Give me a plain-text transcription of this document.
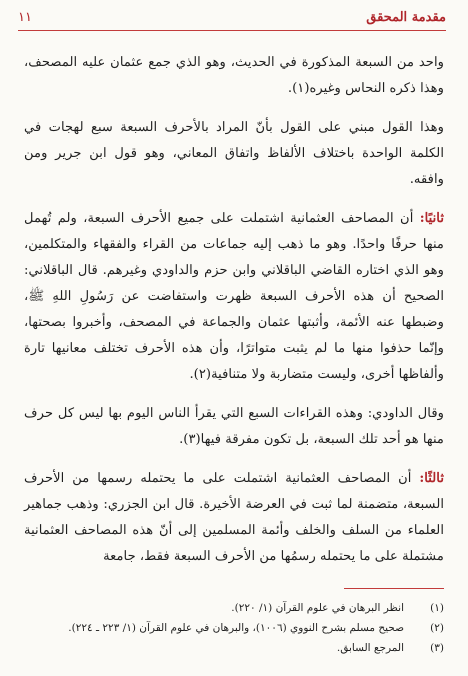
مقدمة المحقق
١١

واحد من السبعة المذكورة في الحديث، وهو الذي جمع عثمان عليه المصحف، وهذا ذكره النحاس وغيره(١).

وهذا القول مبني على القول بأنّ المراد بالأحرف السبعة سبع لهجات في الكلمة الواحدة باختلاف الألفاظ واتفاق المعاني، وهو قول ابن جرير ومن وافقه.

ثانيًا: أن المصاحف العثمانية اشتملت على جميع الأحرف السبعة، ولم تُهمل منها حرفًا واحدًا. وهو ما ذهب إليه جماعات من القراء والفقهاء والمتكلمين، وهو الذي اختاره القاضي الباقلاني وابن حزم والداودي وغيرهم. قال الباقلاني: الصحيح أن هذه الأحرف السبعة ظهرت واستفاضت عن رَسُولِ اللهِ ﷺ، وضبطها عنه الأئمة، وأثبتها عثمان والجماعة في المصحف، وأخبروا بصحتها، وإنّما حذفوا منها ما لم يثبت متواترًا، وأن هذه الأحرف تختلف معانيها تارة وألفاظها أخرى، وليست متضاربة ولا متنافية(٢).

وقال الداودي: وهذه القراءات السبع التي يقرأ الناس اليوم بها ليس كل حرف منها هو أحد تلك السبعة، بل تكون مفرقة فيها(٣).

ثالثًا: أن المصاحف العثمانية اشتملت على ما يحتمله رسمها من الأحرف السبعة، متضمنة لما ثبت في العرضة الأخيرة. قال ابن الجزري: وذهب جماهير العلماء من السلف والخلف وأئمة المسلمين إلى أنّ هذه المصاحف العثمانية مشتملة على ما يحتمله رسمُها من الأحرف السبعة فقط، جامعة

(١)
انظر البرهان في علوم القرآن (١/ ٢٢٠).
(٢)
صحيح مسلم بشرح النووي (١٠٠٦)، والبرهان في علوم القرآن (١/ ٢٢٣ ـ ٢٢٤).
(٣)
المرجع السابق.
